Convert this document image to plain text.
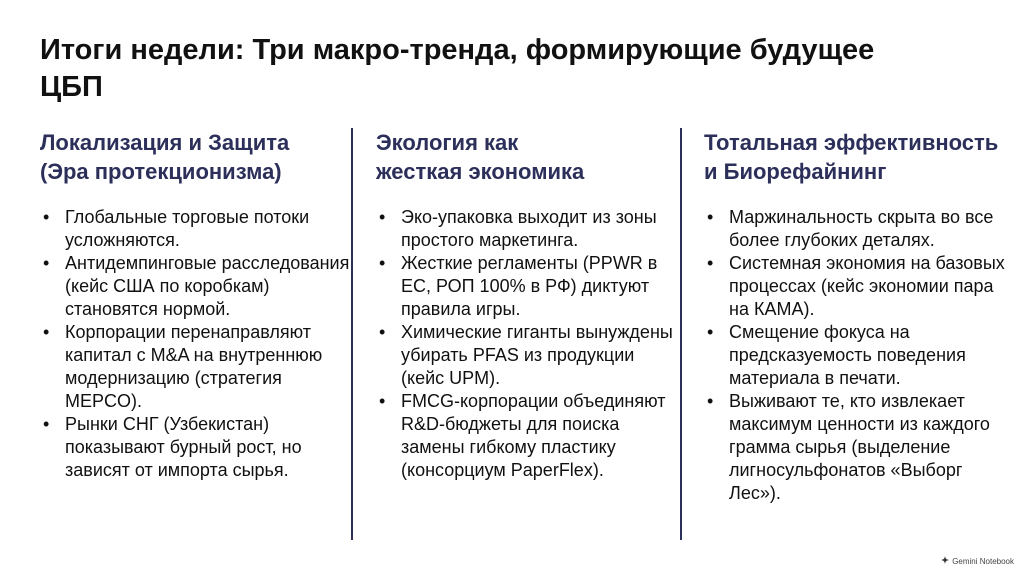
Итоги недели: Три макро-тренда, формирующие будущее ЦБП
Локализация и Защита
(Эра протекционизма)
• Глобальные торговые потоки усложняются.
• Антидемпинговые расследования (кейс США по коробкам) становятся нормой.
• Корпорации перенаправляют капитал с M&A на внутреннюю модернизацию (стратегия MEPCO).
• Рынки СНГ (Узбекистан) показывают бурный рост, но зависят от импорта сырья.
Экология как
жесткая экономика
• Эко-упаковка выходит из зоны простого маркетинга.
• Жесткие регламенты (PPWR в ЕС, РОП 100% в РФ) диктуют правила игры.
• Химические гиганты вынуждены убирать PFAS из продукции (кейс UPM).
• FMCG-корпорации объединяют R&D-бюджеты для поиска замены гибкому пластику (консорциум PaperFlex).
Тотальная эффективность
и Биорефайнинг
• Маржинальность скрыта во все более глубоких деталях.
• Системная экономия на базовых процессах (кейс экономии пара на КАМА).
• Смещение фокуса на предсказуемость поведения материала в печати.
• Выживают те, кто извлекает максимум ценности из каждого грамма сырья (выделение лигносульфонатов «Выборг Лес»).
Gemini Notebook
